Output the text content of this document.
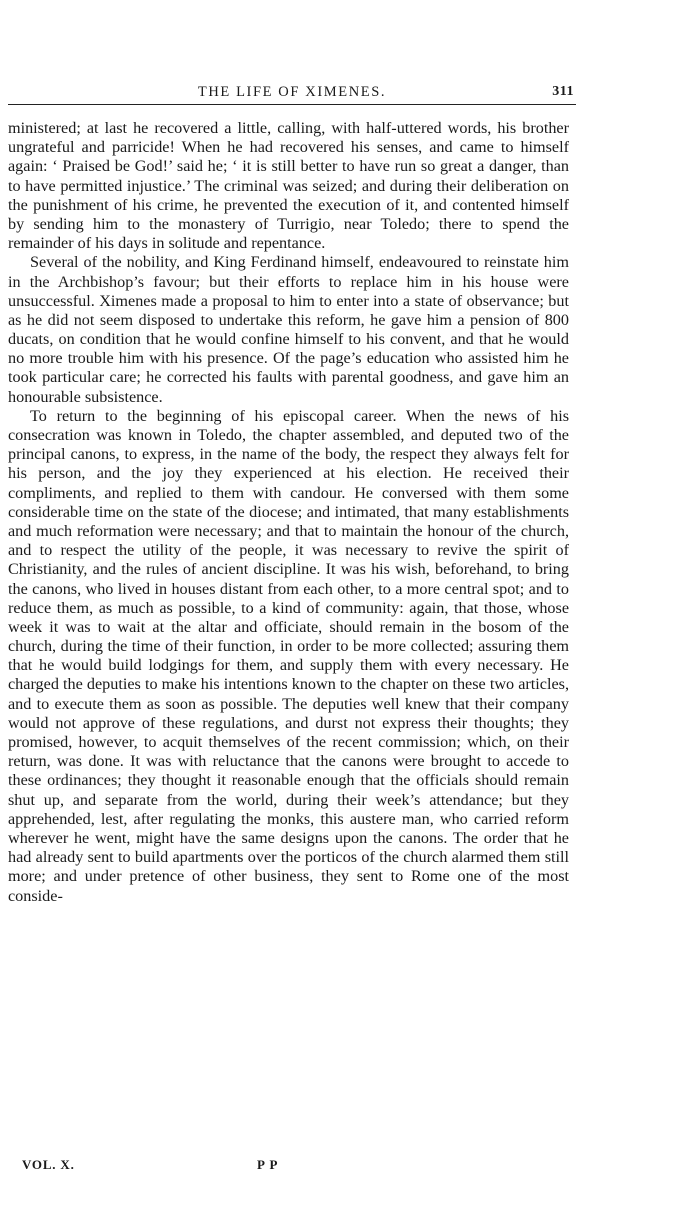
THE LIFE OF XIMENES.	311

ministered; at last he recovered a little, calling, with half-uttered words, his brother ungrateful and parricide! When he had recovered his senses, and came to himself again: ‘ Praised be God!’ said he; ‘ it is still better to have run so great a danger, than to have permitted injustice.’ The criminal was seized; and during their deliberation on the punishment of his crime, he prevented the execution of it, and contented himself by sending him to the monastery of Turrigio, near Toledo; there to spend the remainder of his days in solitude and repentance.

Several of the nobility, and King Ferdinand himself, endeavoured to reinstate him in the Archbishop’s favour; but their efforts to replace him in his house were unsuccessful. Ximenes made a proposal to him to enter into a state of observance; but as he did not seem disposed to undertake this reform, he gave him a pension of 800 ducats, on condition that he would confine himself to his convent, and that he would no more trouble him with his presence. Of the page’s education who assisted him he took particular care; he corrected his faults with parental goodness, and gave him an honourable subsistence.

To return to the beginning of his episcopal career. When the news of his consecration was known in Toledo, the chapter assembled, and deputed two of the principal canons, to express, in the name of the body, the respect they always felt for his person, and the joy they experienced at his election. He received their compliments, and replied to them with candour. He conversed with them some considerable time on the state of the diocese; and intimated, that many establishments and much reformation were necessary; and that to maintain the honour of the church, and to respect the utility of the people, it was necessary to revive the spirit of Christianity, and the rules of ancient discipline. It was his wish, beforehand, to bring the canons, who lived in houses distant from each other, to a more central spot; and to reduce them, as much as possible, to a kind of community: again, that those, whose week it was to wait at the altar and officiate, should remain in the bosom of the church, during the time of their function, in order to be more collected; assuring them that he would build lodgings for them, and supply them with every necessary. He charged the deputies to make his intentions known to the chapter on these two articles, and to execute them as soon as possible. The deputies well knew that their company would not approve of these regulations, and durst not express their thoughts; they promised, however, to acquit themselves of the recent commission; which, on their return, was done. It was with reluctance that the canons were brought to accede to these ordinances; they thought it reasonable enough that the officials should remain shut up, and separate from the world, during their week’s attendance; but they apprehended, lest, after regulating the monks, this austere man, who carried reform wherever he went, might have the same designs upon the canons. The order that he had already sent to build apartments over the porticos of the church alarmed them still more; and under pretence of other business, they sent to Rome one of the most conside-

VOL. X.	P P
